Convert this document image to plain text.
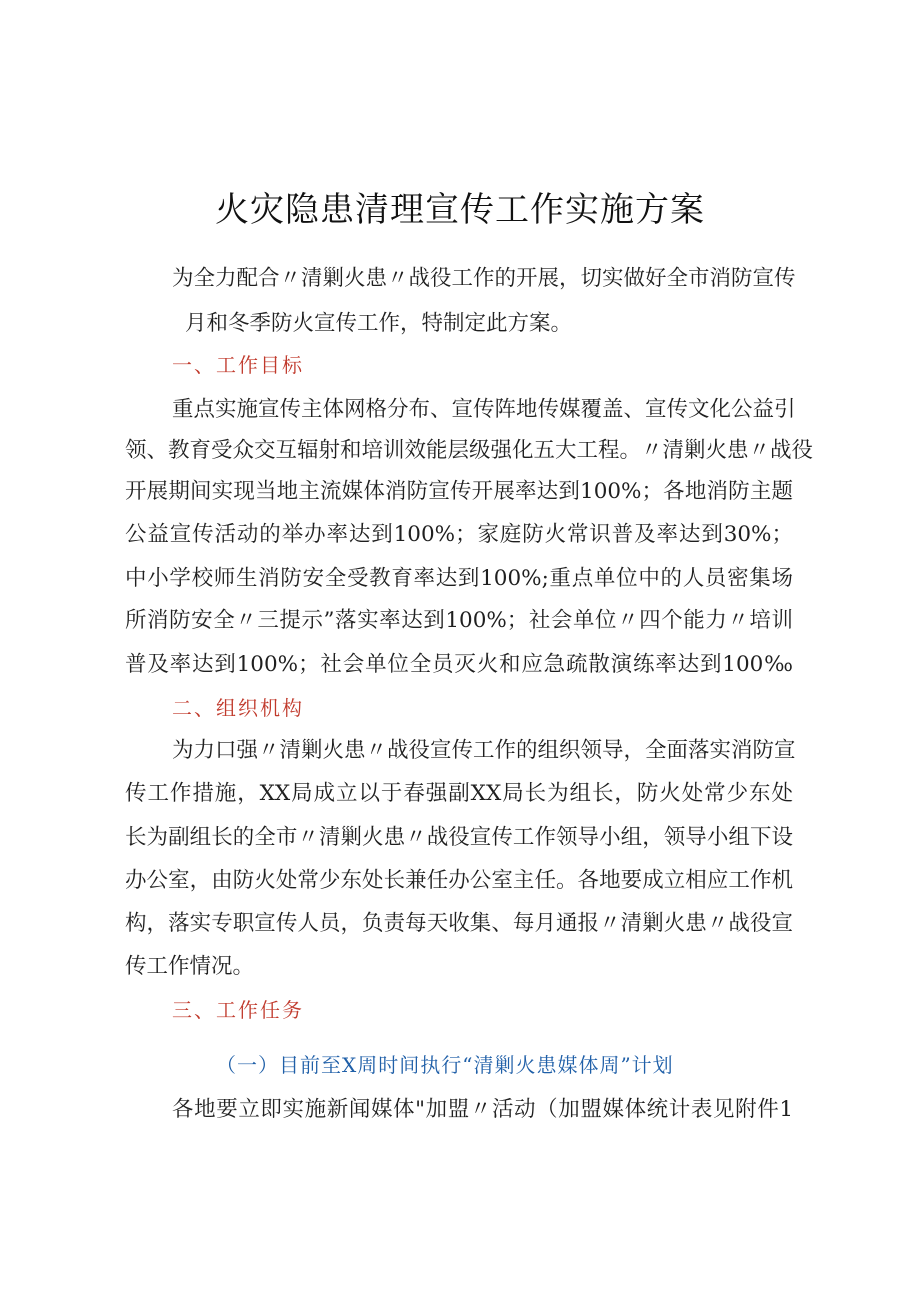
火灾隐患清理宣传工作实施方案
为全力配合〃清剿火患〃战役工作的开展，切实做好全市消防宣传
月和冬季防火宣传工作，特制定此方案。
一、工作目标
重点实施宣传主体网格分布、宣传阵地传媒覆盖、宣传文化公益引
领、教育受众交互辐射和培训效能层级强化五大工程。〃清剿火患〃战役
开展期间实现当地主流媒体消防宣传开展率达到100%；各地消防主题
公益宣传活动的举办率达到100%；家庭防火常识普及率达到30%；
中小学校师生消防安全受教育率达到100%;重点单位中的人员密集场
所消防安全〃三提示”落实率达到100%；社会单位〃四个能力〃培训
普及率达到100%；社会单位全员灭火和应急疏散演练率达到100‰
二、组织机构
为力口强〃清剿火患〃战役宣传工作的组织领导，全面落实消防宣
传工作措施，XX局成立以于春强副XX局长为组长，防火处常少东处
长为副组长的全市〃清剿火患〃战役宣传工作领导小组，领导小组下设
办公室，由防火处常少东处长兼任办公室主任。各地要成立相应工作机
构，落实专职宣传人员，负责每天收集、每月通报〃清剿火患〃战役宣
传工作情况。
三、工作任务
（一）目前至X周时间执行“清剿火患媒体周”计划
各地要立即实施新闻媒体"加盟〃活动（加盟媒体统计表见附件1
